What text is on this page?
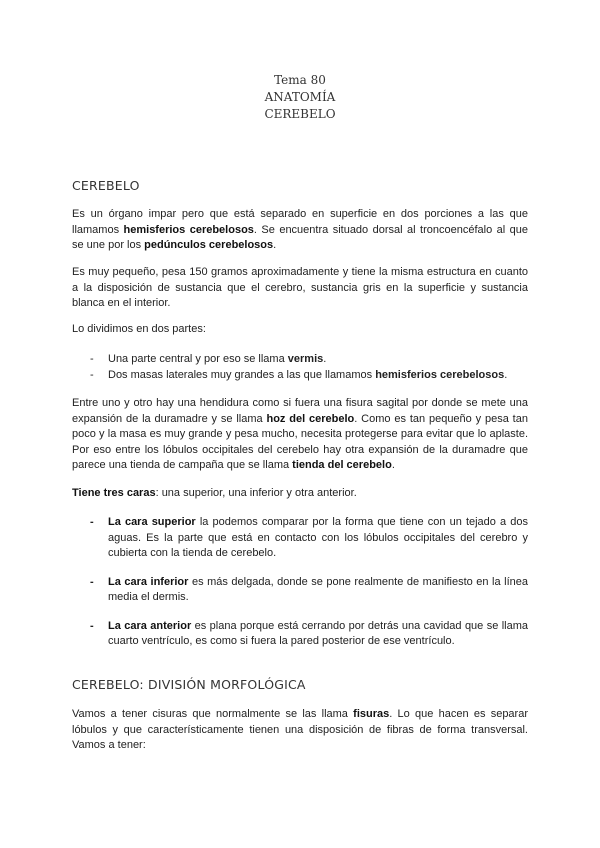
Tema 80
ANATOMÍA
CEREBELO
CEREBELO

Es un órgano impar pero que está separado en superficie en dos porciones a las que llamamos hemisferios cerebelosos. Se encuentra situado dorsal al troncoencéfalo al que se une por los pedúnculos cerebelosos.

Es muy pequeño, pesa 150 gramos aproximadamente y tiene la misma estructura en cuanto a la disposición de sustancia que el cerebro, sustancia gris en la superficie y sustancia blanca en el interior.

Lo dividimos en dos partes:

- Una parte central y por eso se llama vermis.
- Dos masas laterales muy grandes a las que llamamos hemisferios cerebelosos.

Entre uno y otro hay una hendidura como si fuera una fisura sagital por donde se mete una expansión de la duramadre y se llama hoz del cerebelo. Como es tan pequeño y pesa tan poco y la masa es muy grande y pesa mucho, necesita protegerse para evitar que lo aplaste. Por eso entre los lóbulos occipitales del cerebelo hay otra expansión de la duramadre que parece una tienda de campaña que se llama tienda del cerebelo.

Tiene tres caras: una superior, una inferior y otra anterior.

- La cara superior la podemos comparar por la forma que tiene con un tejado a dos aguas. Es la parte que está en contacto con los lóbulos occipitales del cerebro y cubierta con la tienda de cerebelo.
- La cara inferior es más delgada, donde se pone realmente de manifiesto en la línea media el dermis.
- La cara anterior es plana porque está cerrando por detrás una cavidad que se llama cuarto ventrículo, es como si fuera la pared posterior de ese ventrículo.
CEREBELO: DIVISIÓN MORFOLÓGICA

Vamos a tener cisuras que normalmente se las llama fisuras. Lo que hacen es separar lóbulos y que característicamente tienen una disposición de fibras de forma transversal. Vamos a tener:
